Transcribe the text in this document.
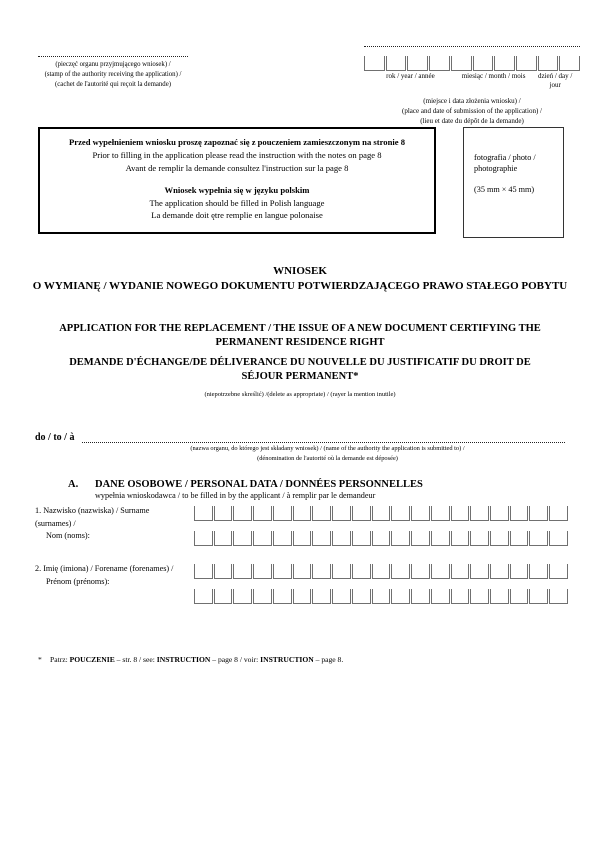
(pieczęć organu przyjmującego wniosek) /
(stamp of the authority receiving the application) /
(cachet de l'autorité qui reçoit la demande)
rok / year / année	miesiąc / month / mois	dzień / day /
jour
(miejsce i data złożenia wniosku) /
(place and date of submission of the application) /
(lieu et date du dépôt de la demande)
Przed wypełnieniem wniosku proszę zapoznać się z pouczeniem zamieszczonym na stronie 8
Prior to filling in the application please read the instruction with the notes on page 8
Avant de remplir la demande consultez l'instruction sur la page 8
Wniosek wypełnia się w języku polskim
The application should be filled in Polish language
La demande doit ętre remplie en langue polonaise
fotografia / photo /
photographie
(35 mm × 45 mm)
WNIOSEK
O WYMIANĘ / WYDANIE NOWEGO DOKUMENTU POTWIERDZAJĄCEGO PRAWO STAŁEGO POBYTU
APPLICATION FOR THE REPLACEMENT / THE ISSUE OF A NEW DOCUMENT CERTIFYING THE PERMANENT RESIDENCE RIGHT
DEMANDE D'ÉCHANGE/DE DÉLIVERANCE DU NOUVELLE DU JUSTIFICATIF DU DROIT DE SÉJOUR PERMANENT*
(niepotrzebne skreślić) /(delete as appropriate) / (rayer la mention inutile)
do / to / à
(nazwa organu, do którego jest składany wniosek) / (name of the authority the application is submitted to) /
(dénomination de l'autorité où la demande est déposée)
A.	DANE OSOBOWE / PERSONAL DATA / DONNÉES PERSONNELLES
wypełnia wnioskodawca / to be filled in by the applicant / à remplir par le demandeur
1. Nazwisko (nazwiska) / Surname (surnames) /
Nom (noms):
2. Imię (imiona) / Forename (forenames) /
Prénom (prénoms):
* Patrz: POUCZENIE – str. 8 / see: INSTRUCTION – page 8 / voir: INSTRUCTION – page 8.
